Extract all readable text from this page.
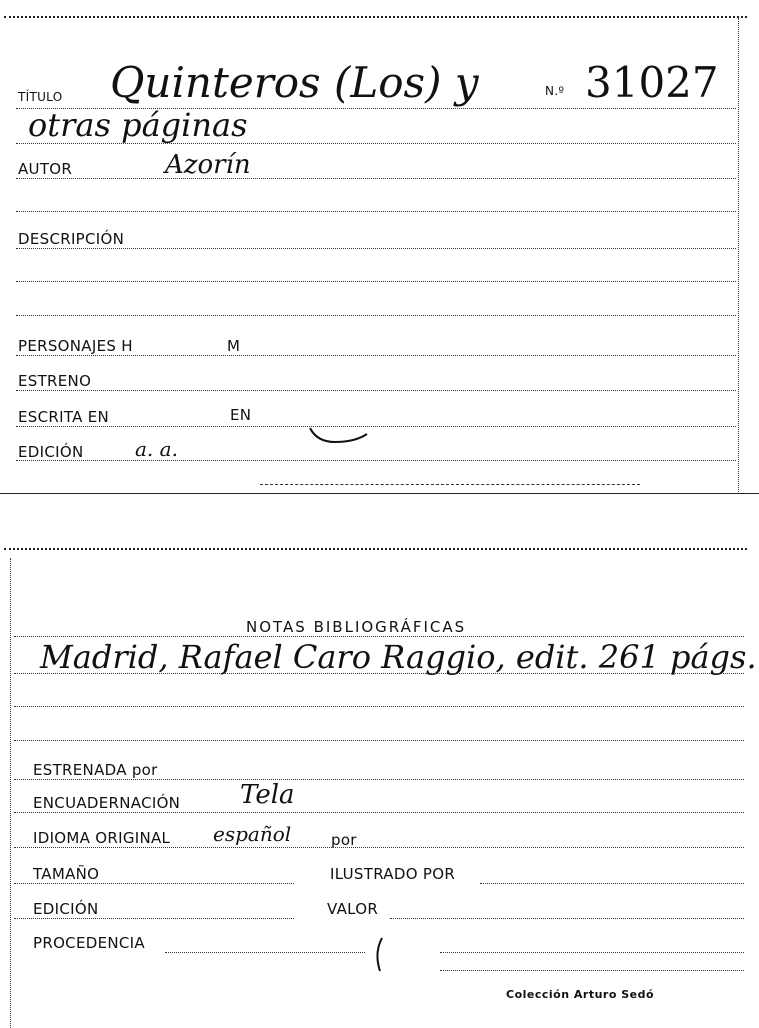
TÍTULO Quinteros (Los) y	N.º 31027
otras páginas
AUTOR	Azorín
DESCRIPCIÓN
PERSONAJES H	M
ESTRENO
ESCRITA EN	EN
EDICIÓN	a. a.
NOTAS BIBLIOGRÁFICAS
Madrid, Rafael Caro Raggio, edit. 261 págs.
ESTRENADA por
ENCUADERNACIÓN Tela
IDIOMA ORIGINAL español	por
TAMAÑO	ILUSTRADO POR
EDICIÓN	VALOR
PROCEDENCIA
Colección Arturo Sedó
